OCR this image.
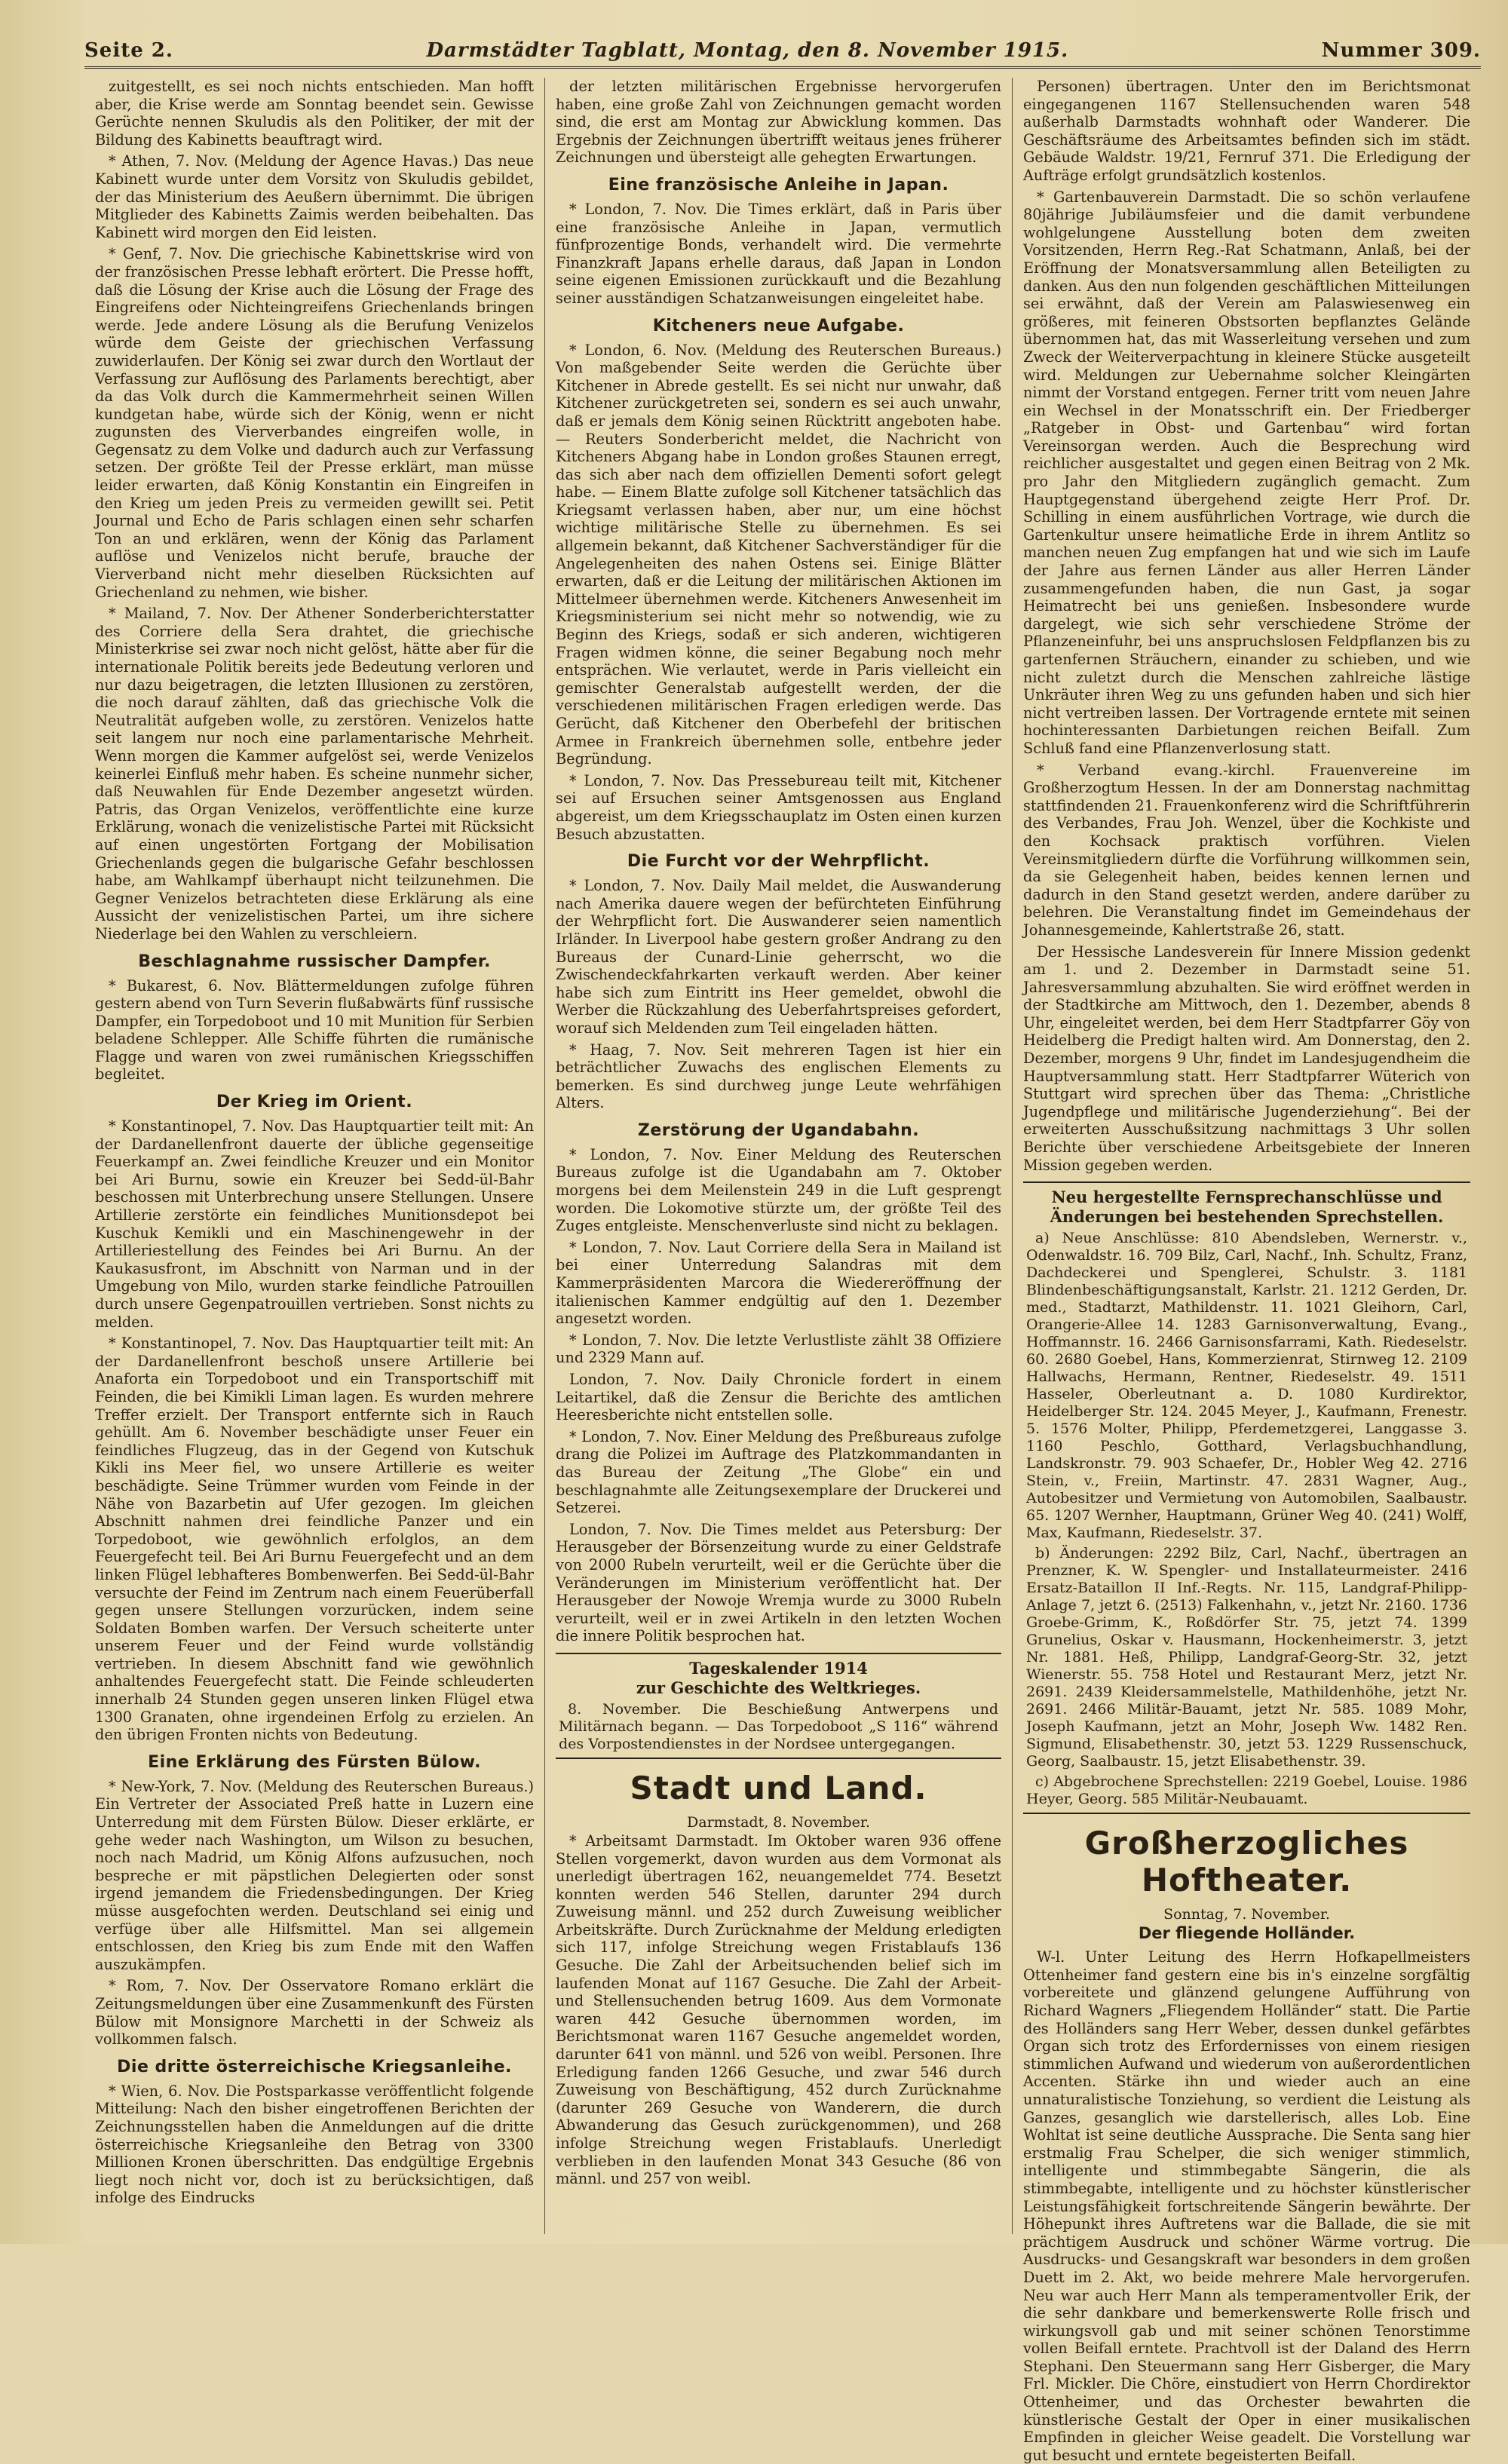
Seite 2.	Darmstädter Tagblatt, Montag, den 8. November 1915.	Nummer 309.

zuitgestellt, es sei noch nichts entschieden. Man hofft aber, die Krise werde am Sonntag beendet sein. Gewisse Gerüchte nennen Skuludis als den Politiker, der mit der Bildung des Kabinetts beauftragt wird.

* Athen, 7. Nov. (Meldung der Agence Havas.) Das neue Kabinett wurde unter dem Vorsitz von Skuludis gebildet, der das Ministerium des Aeußern übernimmt. Die übrigen Mitglieder des Kabinetts Zaimis werden beibehalten. Das Kabinett wird morgen den Eid leisten.

* Genf, 7. Nov. Die griechische Kabinettskrise wird von der französischen Presse lebhaft erörtert. Die Presse hofft, daß die Lösung der Krise auch die Lösung der Frage des Eingreifens oder Nichteingreifens Griechenlands bringen werde. Jede andere Lösung als die Berufung Venizelos würde dem Geiste der griechischen Verfassung zuwiderlaufen. Der König sei zwar durch den Wortlaut der Verfassung zur Auflösung des Parlaments berechtigt, aber da das Volk durch die Kammermehrheit seinen Willen kundgetan habe, würde sich der König, wenn er nicht zugunsten des Vierverbandes eingreifen wolle, in Gegensatz zu dem Volke und dadurch auch zur Verfassung setzen. Der größte Teil der Presse erklärt, man müsse leider erwarten, daß König Konstantin ein Eingreifen in den Krieg um jeden Preis zu vermeiden gewillt sei. Petit Journal und Echo de Paris schlagen einen sehr scharfen Ton an und erklären, wenn der König das Parlament auflöse und Venizelos nicht berufe, brauche der Vierverband nicht mehr dieselben Rücksichten auf Griechenland zu nehmen, wie bisher.

* Mailand, 7. Nov. Der Athener Sonderberichterstatter des Corriere della Sera drahtet, die griechische Ministerkrise sei zwar noch nicht gelöst, hätte aber für die internationale Politik bereits jede Bedeutung verloren und nur dazu beigetragen, die letzten Illusionen zu zerstören, die noch darauf zählten, daß das griechische Volk die Neutralität aufgeben wolle, zu zerstören. Venizelos hatte seit langem nur noch eine parlamentarische Mehrheit. Wenn morgen die Kammer aufgelöst sei, werde Venizelos keinerlei Einfluß mehr haben. Es scheine nunmehr sicher, daß Neuwahlen für Ende Dezember angesetzt würden. Patris, das Organ Venizelos, veröffentlichte eine kurze Erklärung, wonach die venizelistische Partei mit Rücksicht auf einen ungestörten Fortgang der Mobilisation Griechenlands gegen die bulgarische Gefahr beschlossen habe, am Wahlkampf überhaupt nicht teilzunehmen. Die Gegner Venizelos betrachteten diese Erklärung als eine Aussicht der venizelistischen Partei, um ihre sichere Niederlage bei den Wahlen zu verschleiern.

Beschlagnahme russischer Dampfer.

* Bukarest, 6. Nov. Blättermeldungen zufolge führen gestern abend von Turn Severin flußabwärts fünf russische Dampfer, ein Torpedoboot und 10 mit Munition für Serbien beladene Schlepper. Alle Schiffe führten die rumänische Flagge und waren von zwei rumänischen Kriegsschiffen begleitet.

Der Krieg im Orient.

* Konstantinopel, 7. Nov. Das Hauptquartier teilt mit: An der Dardanellenfront dauerte der übliche gegenseitige Feuerkampf an. Zwei feindliche Kreuzer und ein Monitor bei Ari Burnu, sowie ein Kreuzer bei Sedd-ül-Bahr beschossen mit Unterbrechung unsere Stellungen. Unsere Artillerie zerstörte ein feindliches Munitionsdepot bei Kuschuk Kemikli und ein Maschinengewehr in der Artilleriestellung des Feindes bei Ari Burnu. An der Kaukasusfront, im Abschnitt von Narman und in der Umgebung von Milo, wurden starke feindliche Patrouillen durch unsere Gegenpatrouillen vertrieben. Sonst nichts zu melden.

* Konstantinopel, 7. Nov. Das Hauptquartier teilt mit: An der Dardanellenfront beschoß unsere Artillerie bei Anaforta ein Torpedoboot und ein Transportschiff mit Feinden, die bei Kimikli Liman lagen. Es wurden mehrere Treffer erzielt. Der Transport entfernte sich in Rauch gehüllt. Am 6. November beschädigte unser Feuer ein feindliches Flugzeug, das in der Gegend von Kutschuk Kikli ins Meer fiel, wo unsere Artillerie es weiter beschädigte. Seine Trümmer wurden vom Feinde in der Nähe von Bazarbetin auf Ufer gezogen. Im gleichen Abschnitt nahmen drei feindliche Panzer und ein Torpedoboot, wie gewöhnlich erfolglos, an dem Feuergefecht teil. Bei Ari Burnu Feuergefecht und an dem linken Flügel lebhafteres Bombenwerfen. Bei Sedd-ül-Bahr versuchte der Feind im Zentrum nach einem Feuerüberfall gegen unsere Stellungen vorzurücken, indem seine Soldaten Bomben warfen. Der Versuch scheiterte unter unserem Feuer und der Feind wurde vollständig vertrieben. In diesem Abschnitt fand wie gewöhnlich anhaltendes Feuergefecht statt. Die Feinde schleuderten innerhalb 24 Stunden gegen unseren linken Flügel etwa 1300 Granaten, ohne irgendeinen Erfolg zu erzielen. An den übrigen Fronten nichts von Bedeutung.

Eine Erklärung des Fürsten Bülow.

* New-York, 7. Nov. (Meldung des Reuterschen Bureaus.) Ein Vertreter der Associated Preß hatte in Luzern eine Unterredung mit dem Fürsten Bülow. Dieser erklärte, er gehe weder nach Washington, um Wilson zu besuchen, noch nach Madrid, um König Alfons aufzusuchen, noch bespreche er mit päpstlichen Delegierten oder sonst irgend jemandem die Friedensbedingungen. Der Krieg müsse ausgefochten werden. Deutschland sei einig und verfüge über alle Hilfsmittel. Man sei allgemein entschlossen, den Krieg bis zum Ende mit den Waffen auszukämpfen.

* Rom, 7. Nov. Der Osservatore Romano erklärt die Zeitungsmeldungen über eine Zusammenkunft des Fürsten Bülow mit Monsignore Marchetti in der Schweiz als vollkommen falsch.

Die dritte österreichische Kriegsanleihe.

* Wien, 6. Nov. Die Postsparkasse veröffentlicht folgende Mitteilung: Nach den bisher eingetroffenen Berichten der Zeichnungsstellen haben die Anmeldungen auf die dritte österreichische Kriegsanleihe den Betrag von 3300 Millionen Kronen überschritten. Das endgültige Ergebnis liegt noch nicht vor, doch ist zu berücksichtigen, daß infolge des Eindrucks

der letzten militärischen Ergebnisse hervorgerufen haben, eine große Zahl von Zeichnungen gemacht worden sind, die erst am Montag zur Abwicklung kommen. Das Ergebnis der Zeichnungen übertrifft weitaus jenes früherer Zeichnungen und übersteigt alle gehegten Erwartungen.

Eine französische Anleihe in Japan.

* London, 7. Nov. Die Times erklärt, daß in Paris über eine französische Anleihe in Japan, vermutlich fünfprozentige Bonds, verhandelt wird. Die vermehrte Finanzkraft Japans erhelle daraus, daß Japan in London seine eigenen Emissionen zurückkauft und die Bezahlung seiner ausständigen Schatzanweisungen eingeleitet habe.

Kitcheners neue Aufgabe.

* London, 6. Nov. (Meldung des Reuterschen Bureaus.) Von maßgebender Seite werden die Gerüchte über Kitchener in Abrede gestellt. Es sei nicht nur unwahr, daß Kitchener zurückgetreten sei, sondern es sei auch unwahr, daß er jemals dem König seinen Rücktritt angeboten habe. — Reuters Sonderbericht meldet, die Nachricht von Kitcheners Abgang habe in London großes Staunen erregt, das sich aber nach dem offiziellen Dementi sofort gelegt habe. — Einem Blatte zufolge soll Kitchener tatsächlich das Kriegsamt verlassen haben, aber nur, um eine höchst wichtige militärische Stelle zu übernehmen. Es sei allgemein bekannt, daß Kitchener Sachverständiger für die Angelegenheiten des nahen Ostens sei. Einige Blätter erwarten, daß er die Leitung der militärischen Aktionen im Mittelmeer übernehmen werde. Kitcheners Anwesenheit im Kriegsministerium sei nicht mehr so notwendig, wie zu Beginn des Kriegs, sodaß er sich anderen, wichtigeren Fragen widmen könne, die seiner Begabung noch mehr entsprächen. Wie verlautet, werde in Paris vielleicht ein gemischter Generalstab aufgestellt werden, der die verschiedenen militärischen Fragen erledigen werde. Das Gerücht, daß Kitchener den Oberbefehl der britischen Armee in Frankreich übernehmen solle, entbehre jeder Begründung.

* London, 7. Nov. Das Pressebureau teilt mit, Kitchener sei auf Ersuchen seiner Amtsgenossen aus England abgereist, um dem Kriegsschauplatz im Osten einen kurzen Besuch abzustatten.

Die Furcht vor der Wehrpflicht.

* London, 7. Nov. Daily Mail meldet, die Auswanderung nach Amerika dauere wegen der befürchteten Einführung der Wehrpflicht fort. Die Auswanderer seien namentlich Irländer. In Liverpool habe gestern großer Andrang zu den Bureaus der Cunard-Linie geherrscht, wo die Zwischendeckfahrkarten verkauft werden. Aber keiner habe sich zum Eintritt ins Heer gemeldet, obwohl die Werber die Rückzahlung des Ueberfahrtspreises gefordert, worauf sich Meldenden zum Teil eingeladen hätten.

* Haag, 7. Nov. Seit mehreren Tagen ist hier ein beträchtlicher Zuwachs des englischen Elements zu bemerken. Es sind durchweg junge Leute wehrfähigen Alters.

Zerstörung der Ugandabahn.

* London, 7. Nov. Einer Meldung des Reuterschen Bureaus zufolge ist die Ugandabahn am 7. Oktober morgens bei dem Meilenstein 249 in die Luft gesprengt worden. Die Lokomotive stürzte um, der größte Teil des Zuges entgleiste. Menschenverluste sind nicht zu beklagen.

* London, 7. Nov. Laut Corriere della Sera in Mailand ist bei einer Unterredung Salandras mit dem Kammerpräsidenten Marcora die Wiedereröffnung der italienischen Kammer endgültig auf den 1. Dezember angesetzt worden.

* London, 7. Nov. Die letzte Verlustliste zählt 38 Offiziere und 2329 Mann auf.

London, 7. Nov. Daily Chronicle fordert in einem Leitartikel, daß die Zensur die Berichte des amtlichen Heeresberichte nicht entstellen solle.

* London, 7. Nov. Einer Meldung des Preßbureaus zufolge drang die Polizei im Auftrage des Platzkommandanten in das Bureau der Zeitung „The Globe“ ein und beschlagnahmte alle Zeitungsexemplare der Druckerei und Setzerei.

London, 7. Nov. Die Times meldet aus Petersburg: Der Herausgeber der Börsenzeitung wurde zu einer Geldstrafe von 2000 Rubeln verurteilt, weil er die Gerüchte über die Veränderungen im Ministerium veröffentlicht hat. Der Herausgeber der Nowoje Wremja wurde zu 3000 Rubeln verurteilt, weil er in zwei Artikeln in den letzten Wochen die innere Politik besprochen hat.

Tageskalender 1914
zur Geschichte des Weltkrieges.

8. November. Die Beschießung Antwerpens und Militärnach begann. — Das Torpedoboot „S 116“ während des Vorpostendienstes in der Nordsee untergegangen.

Stadt und Land.
Darmstadt, 8. November.

* Arbeitsamt Darmstadt. Im Oktober waren 936 offene Stellen vorgemerkt, davon wurden aus dem Vormonat als unerledigt übertragen 162, neuangemeldet 774. Besetzt konnten werden 546 Stellen, darunter 294 durch Zuweisung männl. und 252 durch Zuweisung weiblicher Arbeitskräfte. Durch Zurücknahme der Meldung erledigten sich 117, infolge Streichung wegen Fristablaufs 136 Gesuche. Die Zahl der Arbeitsuchenden belief sich im laufenden Monat auf 1167 Gesuche. Die Zahl der Arbeit- und Stellensuchenden betrug 1609. Aus dem Vormonate waren 442 Gesuche übernommen worden, im Berichtsmonat waren 1167 Gesuche angemeldet worden, darunter 641 von männl. und 526 von weibl. Personen. Ihre Erledigung fanden 1266 Gesuche, und zwar 546 durch Zuweisung von Beschäftigung, 452 durch Zurücknahme (darunter 269 Gesuche von Wanderern, die durch Abwanderung das Gesuch zurückgenommen), und 268 infolge Streichung wegen Fristablaufs. Unerledigt verblieben in den laufenden Monat 343 Gesuche (86 von männl. und 257 von weibl.

Personen) übertragen. Unter den im Berichtsmonat eingegangenen 1167 Stellensuchenden waren 548 außerhalb Darmstadts wohnhaft oder Wanderer. Die Geschäftsräume des Arbeitsamtes befinden sich im städt. Gebäude Waldstr. 19/21, Fernruf 371. Die Erledigung der Aufträge erfolgt grundsätzlich kostenlos.

* Gartenbauverein Darmstadt. Die so schön verlaufene 80jährige Jubiläumsfeier und die damit verbundene wohlgelungene Ausstellung boten dem zweiten Vorsitzenden, Herrn Reg.-Rat Schatmann, Anlaß, bei der Eröffnung der Monatsversammlung allen Beteiligten zu danken. Aus den nun folgenden geschäftlichen Mitteilungen sei erwähnt, daß der Verein am Palaswiesenweg ein größeres, mit feineren Obstsorten bepflanztes Gelände übernommen hat, das mit Wasserleitung versehen und zum Zweck der Weiterverpachtung in kleinere Stücke ausgeteilt wird. Meldungen zur Uebernahme solcher Kleingärten nimmt der Vorstand entgegen. Ferner tritt vom neuen Jahre ein Wechsel in der Monatsschrift ein. Der Friedberger „Ratgeber in Obst- und Gartenbau“ wird fortan Vereinsorgan werden. Auch die Besprechung wird reichlicher ausgestaltet und gegen einen Beitrag von 2 Mk. pro Jahr den Mitgliedern zugänglich gemacht. Zum Hauptgegenstand übergehend zeigte Herr Prof. Dr. Schilling in einem ausführlichen Vortrage, wie durch die Gartenkultur unsere heimatliche Erde in ihrem Antlitz so manchen neuen Zug empfangen hat und wie sich im Laufe der Jahre aus fernen Länder aus aller Herren Länder zusammengefunden haben, die nun Gast, ja sogar Heimatrecht bei uns genießen. Insbesondere wurde dargelegt, wie sich sehr verschiedene Ströme der Pflanzeneinfuhr, bei uns anspruchslosen Feldpflanzen bis zu gartenfernen Sträuchern, einander zu schieben, und wie nicht zuletzt durch die Menschen zahlreiche lästige Unkräuter ihren Weg zu uns gefunden haben und sich hier nicht vertreiben lassen. Der Vortragende erntete mit seinen hochinteressanten Darbietungen reichen Beifall. Zum Schluß fand eine Pflanzenverlosung statt.

* Verband evang.-kirchl. Frauenvereine im Großherzogtum Hessen. In der am Donnerstag nachmittag stattfindenden 21. Frauenkonferenz wird die Schriftführerin des Verbandes, Frau Joh. Wenzel, über die Kochkiste und den Kochsack praktisch vorführen. Vielen Vereinsmitgliedern dürfte die Vorführung willkommen sein, da sie Gelegenheit haben, beides kennen lernen und dadurch in den Stand gesetzt werden, andere darüber zu belehren. Die Veranstaltung findet im Gemeindehaus der Johannesgemeinde, Kahlertstraße 26, statt.

Der Hessische Landesverein für Innere Mission gedenkt am 1. und 2. Dezember in Darmstadt seine 51. Jahresversammlung abzuhalten. Sie wird eröffnet werden in der Stadtkirche am Mittwoch, den 1. Dezember, abends 8 Uhr, eingeleitet werden, bei dem Herr Stadtpfarrer Göy von Heidelberg die Predigt halten wird. Am Donnerstag, den 2. Dezember, morgens 9 Uhr, findet im Landesjugendheim die Hauptversammlung statt. Herr Stadtpfarrer Wüterich von Stuttgart wird sprechen über das Thema: „Christliche Jugendpflege und militärische Jugenderziehung“. Bei der erweiterten Ausschußsitzung nachmittags 3 Uhr sollen Berichte über verschiedene Arbeitsgebiete der Inneren Mission gegeben werden.

Neu hergestellte Fernsprechanschlüsse und Änderungen bei bestehenden Sprechstellen.

a) Neue Anschlüsse: 810 Abendsleben, Wernerstr. v., Odenwaldstr. 16. 709 Bilz, Carl, Nachf., Inh. Schultz, Franz, Dachdeckerei und Spenglerei, Schulstr. 3. 1181 Blindenbeschäftigungsanstalt, Karlstr. 21. 1212 Gerden, Dr. med., Stadtarzt, Mathildenstr. 11. 1021 Gleihorn, Carl, Orangerie-Allee 14. 1283 Garnisonverwaltung, Evang., Hoffmannstr. 16. 2466 Garnisonsfarrami, Kath. Riedeselstr. 60. 2680 Goebel, Hans, Kommerzienrat, Stirnweg 12. 2109 Hallwachs, Hermann, Rentner, Riedeselstr. 49. 1511 Hasseler, Oberleutnant a. D. 1080 Kurdirektor, Heidelberger Str. 124. 2045 Meyer, J., Kaufmann, Frenestr. 5. 1576 Molter, Philipp, Pferdemetzgerei, Langgasse 3. 1160 Peschlo, Gotthard, Verlagsbuchhandlung, Landskronstr. 79. 903 Schaefer, Dr., Hobler Weg 42. 2716 Stein, v., Freiin, Martinstr. 47. 2831 Wagner, Aug., Autobesitzer und Vermietung von Automobilen, Saalbaustr. 65. 1207 Wernher, Hauptmann, Grüner Weg 40. (241) Wolff, Max, Kaufmann, Riedeselstr. 37.

b) Änderungen: 2292 Bilz, Carl, Nachf., übertragen an Prenzner, K. W. Spengler- und Installateurmeister. 2416 Ersatz-Bataillon II Inf.-Regts. Nr. 115, Landgraf-Philipp-Anlage 7, jetzt 6. (2513) Falkenhahn, v., jetzt Nr. 2160. 1736 Groebe-Grimm, K., Roßdörfer Str. 75, jetzt 74. 1399 Grunelius, Oskar v. Hausmann, Hockenheimerstr. 3, jetzt Nr. 1881. Heß, Philipp, Landgraf-Georg-Str. 32, jetzt Wienerstr. 55. 758 Hotel und Restaurant Merz, jetzt Nr. 2691. 2439 Kleidersammelstelle, Mathildenhöhe, jetzt Nr. 2691. 2466 Militär-Bauamt, jetzt Nr. 585. 1089 Mohr, Joseph Kaufmann, jetzt an Mohr, Joseph Ww. 1482 Ren. Sigmund, Elisabethenstr. 30, jetzt 53. 1229 Russenschuck, Georg, Saalbaustr. 15, jetzt Elisabethenstr. 39.

c) Abgebrochene Sprechstellen: 2219 Goebel, Louise. 1986 Heyer, Georg. 585 Militär-Neubauamt.

Großherzogliches Hoftheater.
Sonntag, 7. November.
Der fliegende Holländer.

W-l. Unter Leitung des Herrn Hofkapellmeisters Ottenheimer fand gestern eine bis in's einzelne sorgfältig vorbereitete und glänzend gelungene Aufführung von Richard Wagners „Fliegendem Holländer“ statt. Die Partie des Holländers sang Herr Weber, dessen dunkel gefärbtes Organ sich trotz des Erfordernisses von einem riesigen stimmlichen Aufwand und wiederum von außerordentlichen Accenten. Stärke ihn und wieder auch an eine unnaturalistische Tonziehung, so verdient die Leistung als Ganzes, gesanglich wie darstellerisch, alles Lob. Eine Wohltat ist seine deutliche Aussprache. Die Senta sang hier erstmalig Frau Schelper, die sich weniger stimmlich, intelligente und stimmbegabte Sängerin, die als stimmbegabte, intelligente und zu höchster künstlerischer Leistungsfähigkeit fortschreitende Sängerin bewährte. Der Höhepunkt ihres Auftretens war die Ballade, die sie mit prächtigem Ausdruck und schöner Wärme vortrug. Die Ausdrucks- und Gesangskraft war besonders in dem großen Duett im 2. Akt, wo beide mehrere Male hervorgerufen. Neu war auch Herr Mann als temperamentvoller Erik, der die sehr dankbare und bemerkenswerte Rolle frisch und wirkungsvoll gab und mit seiner schönen Tenorstimme vollen Beifall erntete. Prachtvoll ist der Daland des Herrn Stephani. Den Steuermann sang Herr Gisberger, die Mary Frl. Mickler. Die Chöre, einstudiert von Herrn Chordirektor Ottenheimer, und das Orchester bewahrten die künstlerische Gestalt der Oper in einer musikalischen Empfinden in gleicher Weise geadelt. Die Vorstellung war gut besucht und erntete begeisterten Beifall.
